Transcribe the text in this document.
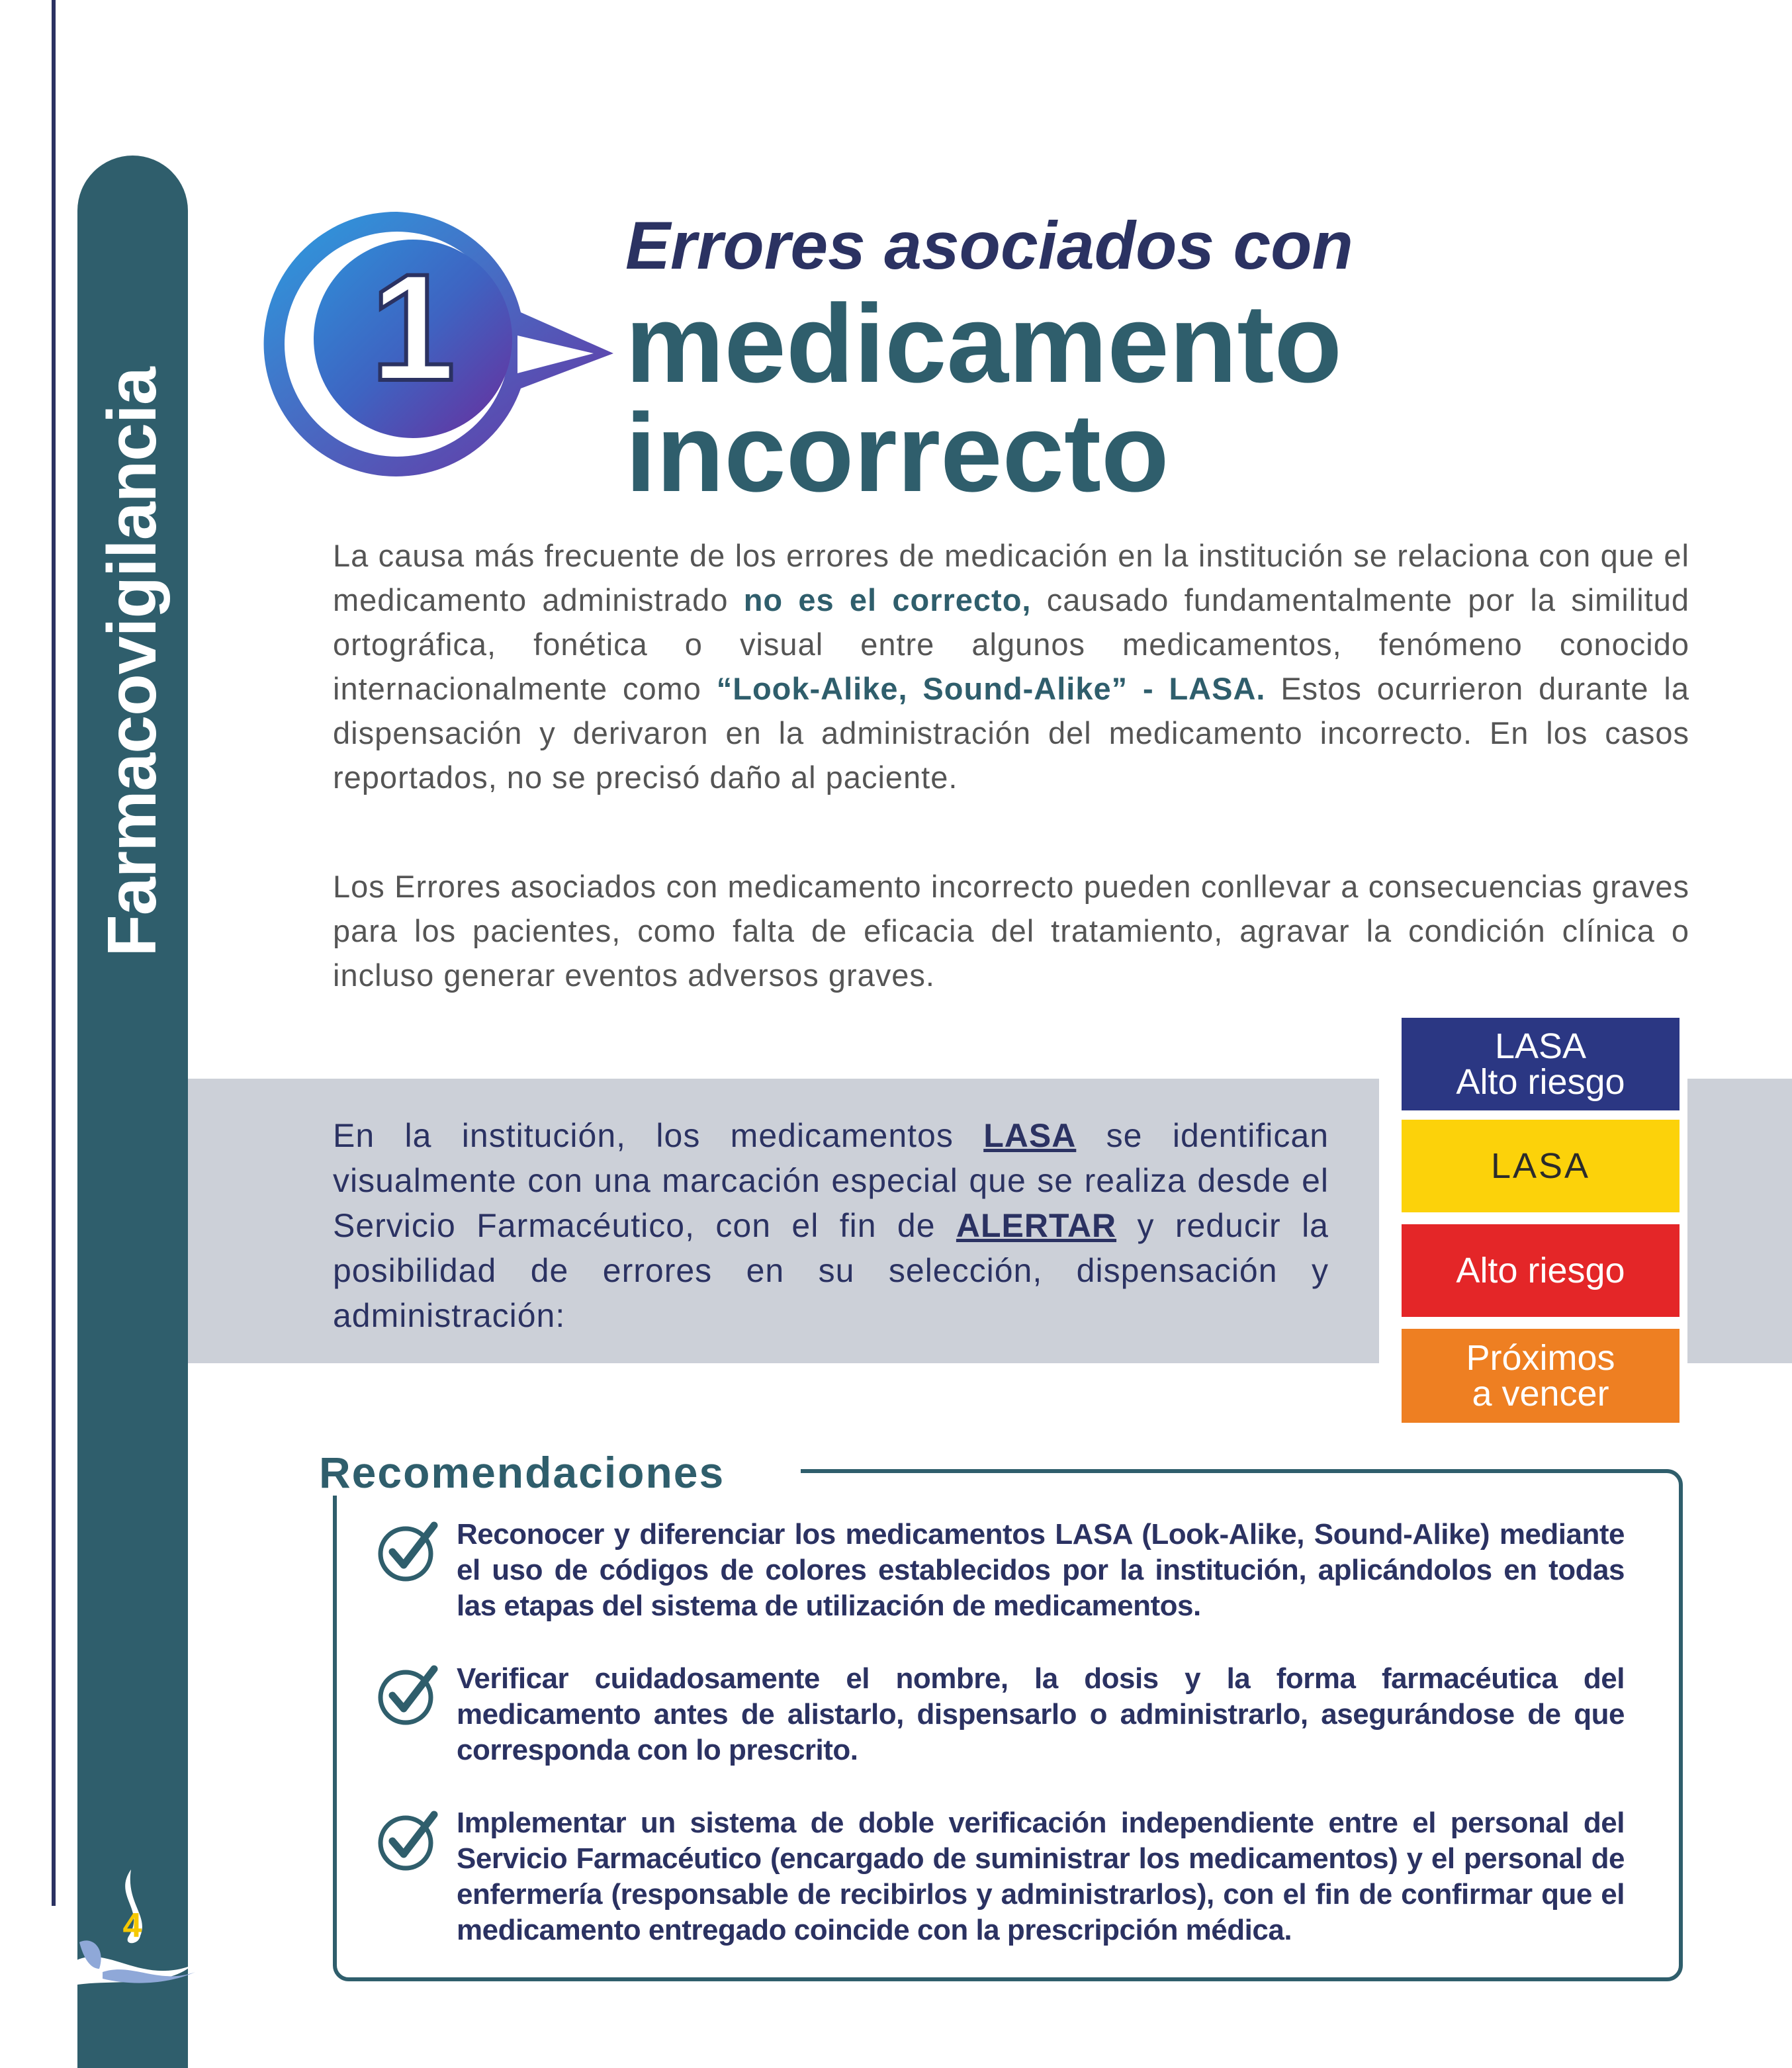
Farmacovigilancia
4
1	Errores asociados con
medicamento
incorrecto

La causa más frecuente de los errores de medicación en la institución se relaciona con que el medicamento administrado no es el correcto, causado fundamentalmente por la similitud ortográfica, fonética o visual entre algunos medicamentos, fenómeno conocido internacionalmente como “Look-Alike, Sound-Alike” - LASA. Estos ocurrieron durante la dispensación y derivaron en la administración del medicamento incorrecto. En los casos reportados, no se precisó daño al paciente.

Los Errores asociados con medicamento incorrecto pueden conllevar a consecuencias graves para los pacientes, como falta de eficacia del tratamiento, agravar la condición clínica o incluso generar eventos adversos graves.

En la institución, los medicamentos LASA se identifican visualmente con una marcación especial que se realiza desde el Servicio Farmacéutico, con el fin de ALERTAR y reducir la posibilidad de errores en su selección, dispensación y administración:

LASA
Alto riesgo
LASA
Alto riesgo
Próximos
a vencer
Recomendaciones

Reconocer y diferenciar los medicamentos LASA (Look-Alike, Sound-Alike) mediante el uso de códigos de colores establecidos por la institución, aplicándolos en todas las etapas del sistema de utilización de medicamentos.

Verificar cuidadosamente el nombre, la dosis y la forma farmacéutica del medicamento antes de alistarlo, dispensarlo o administrarlo, asegurándose de que corresponda con lo prescrito.

Implementar un sistema de doble verificación independiente entre el personal del Servicio Farmacéutico (encargado de suministrar los medicamentos) y el personal de enfermería (responsable de recibirlos y administrarlos), con el fin de confirmar que el medicamento entregado coincide con la prescripción médica.
